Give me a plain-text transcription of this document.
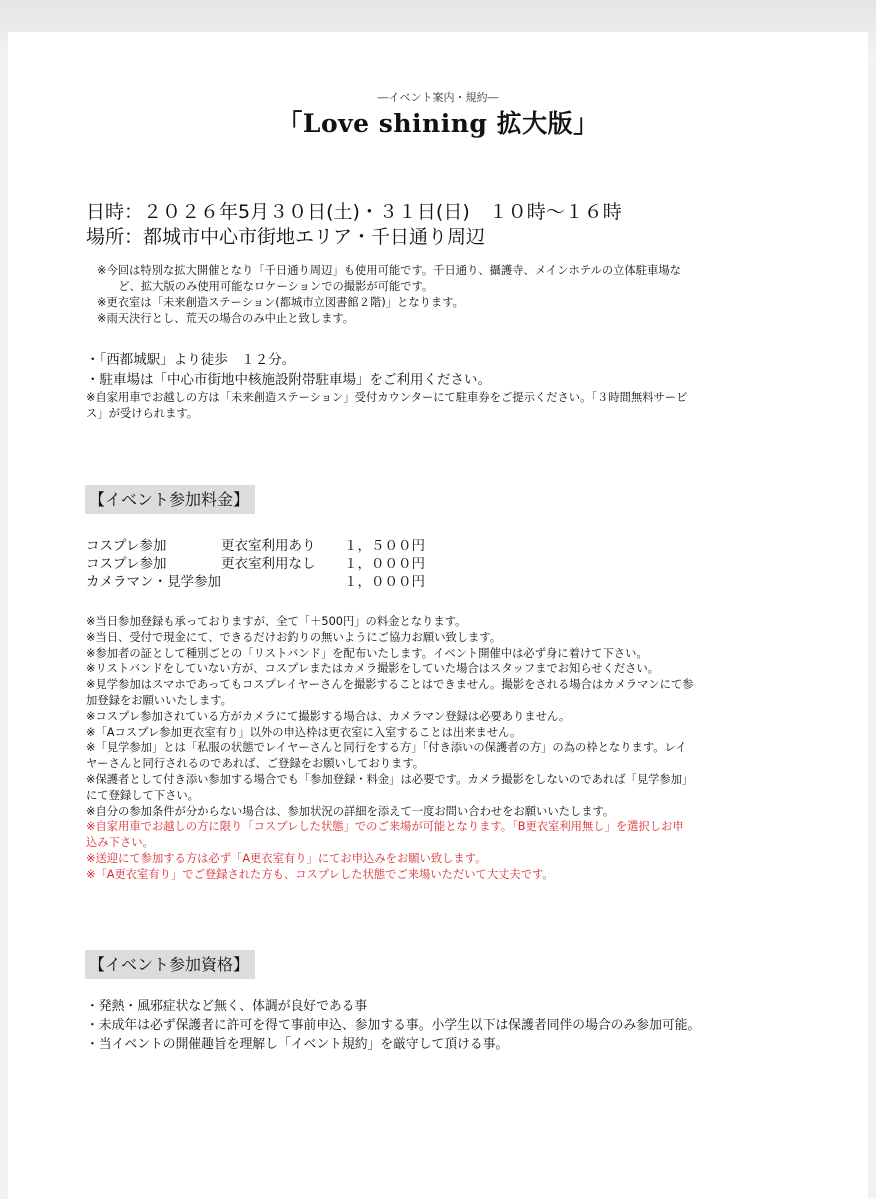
―イベント案内・規約―
「Love shining 拡大版」
日時：２０２６年5月３０日(土)・３１日(日)　１０時～１６時
場所：都城市中心市街地エリア・千日通り周辺
※今回は特別な拡大開催となり「千日通り周辺」も使用可能です。千日通り、攝護寺、メインホテルの立体駐車場な
　ど、拡大版のみ使用可能なロケーションでの撮影が可能です。
※更衣室は「未来創造ステーション(都城市立図書館２階)」となります。
※雨天決行とし、荒天の場合のみ中止と致します。
・「西都城駅」より徒歩　１２分。
・駐車場は「中心市街地中核施設附帯駐車場」をご利用ください。
※自家用車でお越しの方は「未来創造ステーション」受付カウンターにて駐車券をご提示ください。「３時間無料サービ
ス」が受けられます。
【イベント参加料金】
コスプレ参加	更衣室利用あり １，５００円
コスプレ参加	更衣室利用なし １，０００円
カメラマン・見学参加	１，０００円
※当日参加登録も承っておりますが、全て「＋500円」の料金となります。
※当日、受付で現金にて、できるだけお釣りの無いようにご協力お願い致します。
※参加者の証として種別ごとの「リストバンド」を配布いたします。イベント開催中は必ず身に着けて下さい。
※リストバンドをしていない方が、コスプレまたはカメラ撮影をしていた場合はスタッフまでお知らせください。
※見学参加はスマホであってもコスプレイヤーさんを撮影することはできません。撮影をされる場合はカメラマンにて参
加登録をお願いいたします。
※コスプレ参加されている方がカメラにて撮影する場合は、カメラマン登録は必要ありません。
※「Aコスプレ参加更衣室有り」以外の申込枠は更衣室に入室することは出来ません。
※「見学参加」とは「私服の状態でレイヤーさんと同行をする方」「付き添いの保護者の方」の為の枠となります。レイ
ヤーさんと同行されるのであれば、ご登録をお願いしております。
※保護者として付き添い参加する場合でも「参加登録・料金」は必要です。カメラ撮影をしないのであれば「見学参加」
にて登録して下さい。
※自分の参加条件が分からない場合は、参加状況の詳細を添えて一度お問い合わせをお願いいたします。
※自家用車でお越しの方に限り「コスプレした状態」でのご来場が可能となります。「B更衣室利用無し」を選択しお申
込み下さい。
※送迎にて参加する方は必ず「A更衣室有り」にてお申込みをお願い致します。
※「A更衣室有り」でご登録された方も、コスプレした状態でご来場いただいて大丈夫です。
【イベント参加資格】
・発熱・風邪症状など無く、体調が良好である事
・未成年は必ず保護者に許可を得て事前申込、参加する事。小学生以下は保護者同伴の場合のみ参加可能。
・当イベントの開催趣旨を理解し「イベント規約」を厳守して頂ける事。
